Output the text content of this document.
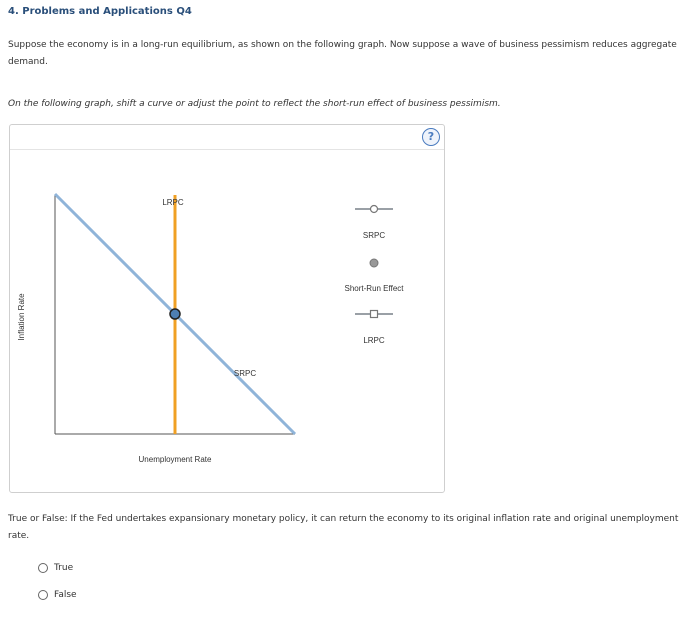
4. Problems and Applications Q4
Suppose the economy is in a long-run equilibrium, as shown on the following graph. Now suppose a wave of business pessimism reduces aggregate demand.
On the following graph, shift a curve or adjust the point to reflect the short-run effect of business pessimism.
?
Inflation Rate
Unemployment Rate
LRPC
SRPC
SRPC
Short-Run Effect
LRPC
True or False: If the Fed undertakes expansionary monetary policy, it can return the economy to its original inflation rate and original unemployment rate.
True
False
